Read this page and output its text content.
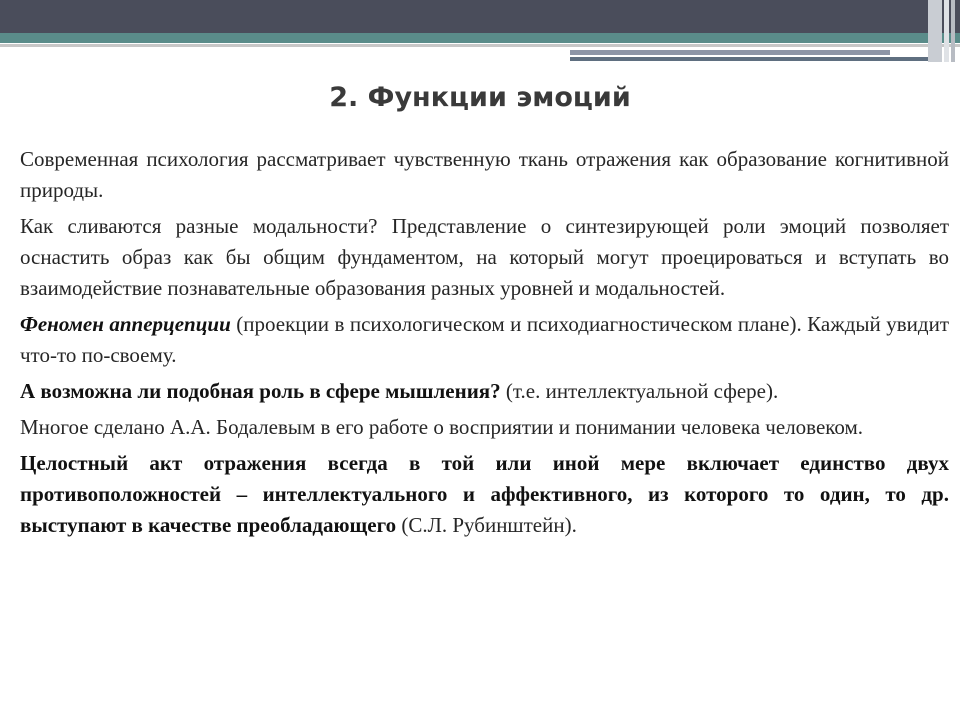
2. Функции эмоций

Современная психология рассматривает чувственную ткань отражения как образование когнитивной природы.

Как сливаются разные модальности? Представление о синтезирующей роли эмоций позволяет оснастить образ как бы общим фундаментом, на который могут проецироваться и вступать во взаимодействие познавательные образования разных уровней и модальностей.

Феномен апперцепции (проекции в психологическом и психодиагностическом плане). Каждый увидит что-то по-своему.

А возможна ли подобная роль в сфере мышления? (т.е. интеллектуальной сфере).

Многое сделано А.А. Бодалевым в его работе о восприятии и понимании человека человеком.

Целостный акт отражения всегда в той или иной мере включает единство двух противоположностей – интеллектуального и аффективного, из которого то один, то др. выступают в качестве преобладающего (С.Л. Рубинштейн).
